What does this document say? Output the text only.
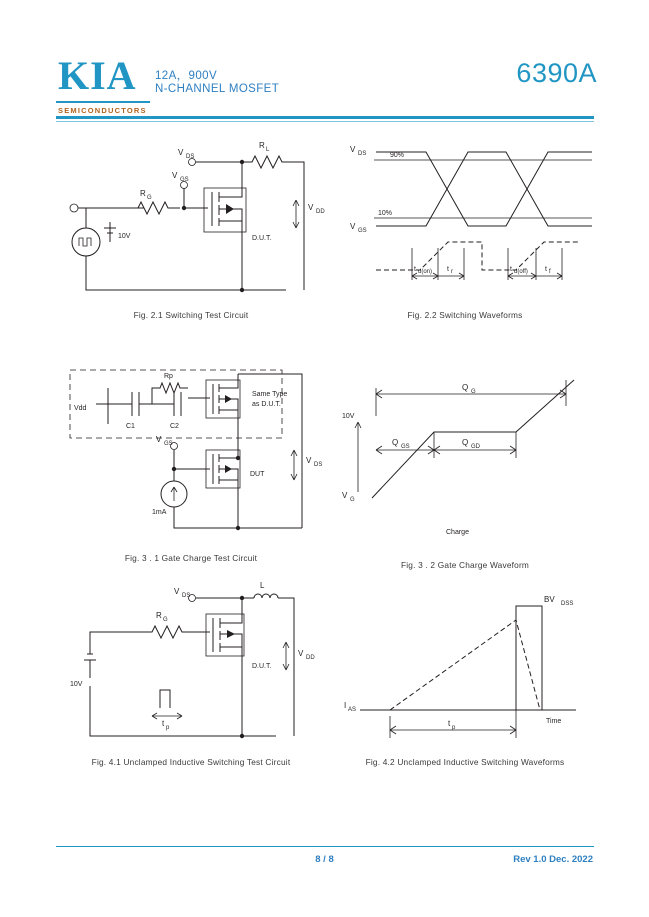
KIA
SEMICONDUCTORS
12A，900V
N-CHANNEL MOSFET
6390A
10V
R G
V GS
D.U.T.
V DS
R L
V DD
Fig. 2.1 Switching Test Circuit
90%
10%
V DS
V GS
t d(on) t r	t d(off) t f
Fig. 2.2 Switching Waveforms
Vdd
C1	C2
Rp
Same Type
as D.U.T.
V DS
DUT
V GS
1mA
Fig. 3 . 1 Gate Charge Test Circuit
Q G
Q GS	Q GD
10V
V G
Charge
Fig. 3 . 2 Gate Charge Waveform
10V
t p
R G
D.U.T.
V DS
L
V DD
Fig. 4.1 Unclamped Inductive Switching Test Circuit
BV DSS
I AS
Time
t p
Fig. 4.2 Unclamped Inductive Switching Waveforms
8 / 8	Rev 1.0 Dec. 2022
